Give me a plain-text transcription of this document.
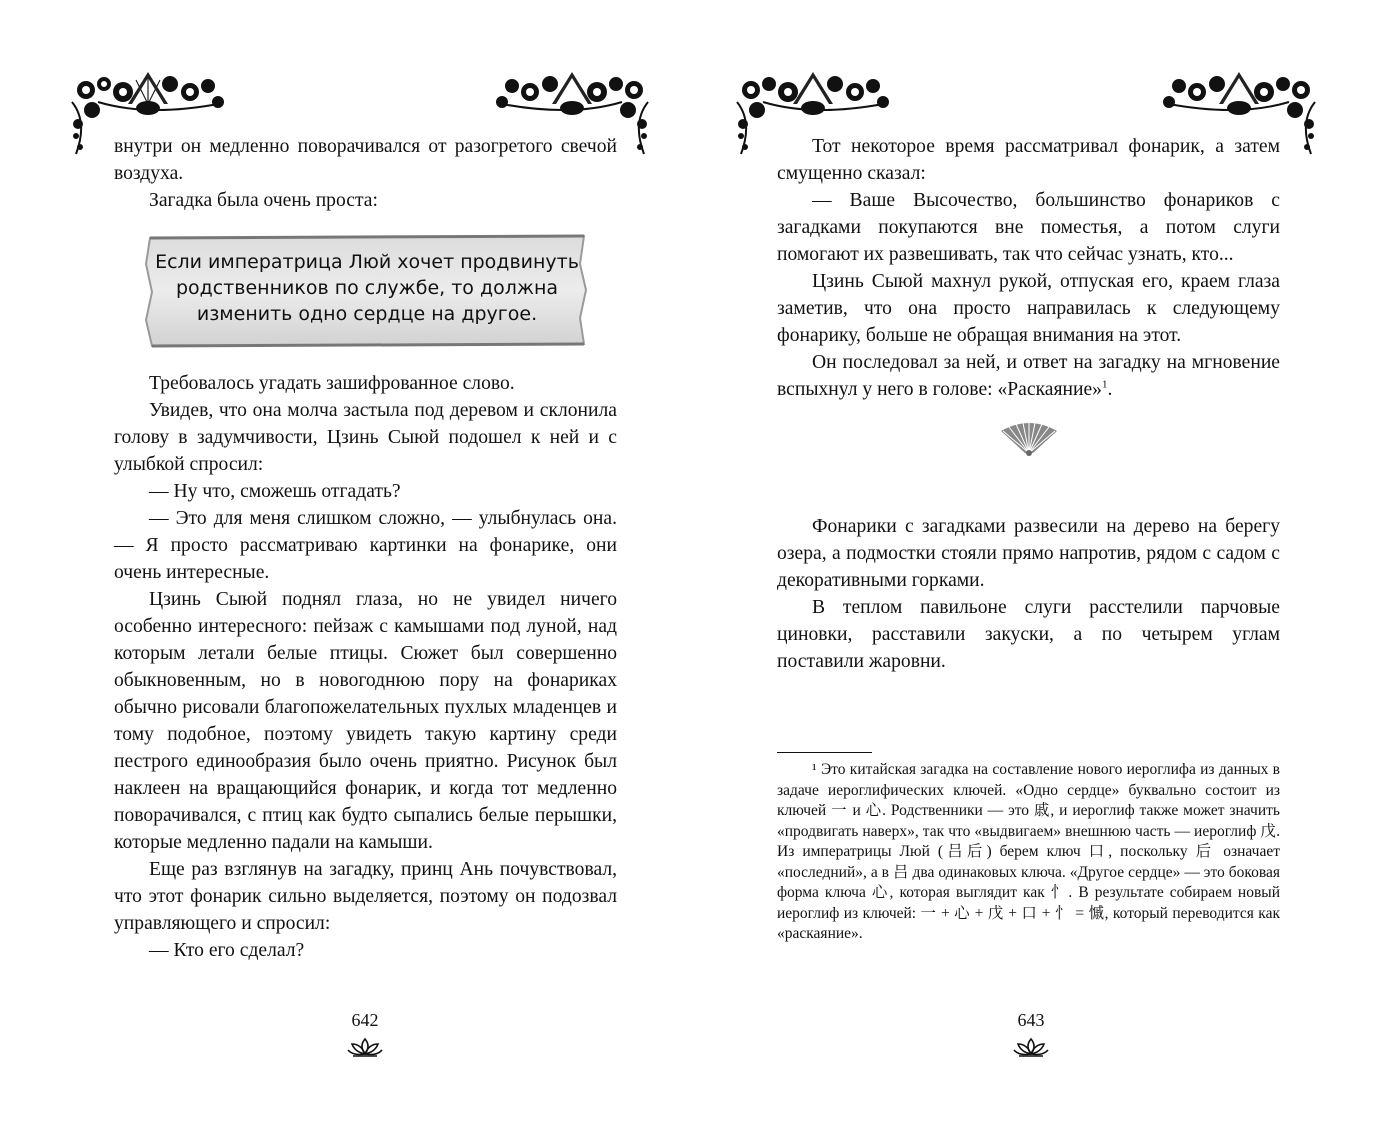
внутри он медленно поворачивался от разогретого свечой воздуха.

Загадка была очень проста:

Если императрица Люй хочет продвинуть
родственников по службе, то должна
изменить одно сердце на другое.

Требовалось угадать зашифрованное слово.

Увидев, что она молча застыла под деревом и склонила голову в задумчивости, Цзинь Сыюй подошел к ней и с улыбкой спросил:

— Ну что, сможешь отгадать?

— Это для меня слишком сложно, — улыбнулась она. — Я просто рассматриваю картинки на фонарике, они очень интересные.

Цзинь Сыюй поднял глаза, но не увидел ничего особенно интересного: пейзаж с камышами под луной, над которым летали белые птицы. Сюжет был совершенно обыкновенным, но в новогоднюю пору на фонариках обычно рисовали благопожелательных пухлых младенцев и тому подобное, поэтому увидеть такую картину среди пестрого единообразия было очень приятно. Рисунок был наклеен на вращающийся фонарик, и когда тот медленно поворачивался, с птиц как будто сыпались белые перышки, которые медленно падали на камыши.

Еще раз взглянув на загадку, принц Ань почувствовал, что этот фонарик сильно выделяется, поэтому он подозвал управляющего и спросил:

— Кто его сделал?

642

Тот некоторое время рассматривал фонарик, а затем смущенно сказал:

— Ваше Высочество, большинство фонариков с загадками покупаются вне поместья, а потом слуги помогают их развешивать, так что сейчас узнать, кто...

Цзинь Сыюй махнул рукой, отпуская его, краем глаза заметив, что она просто направилась к следующему фонарику, больше не обращая внимания на этот.

Он последовал за ней, и ответ на загадку на мгновение вспыхнул у него в голове: «Раскаяние»$^1$.

Фонарики с загадками развесили на дерево на берегу озера, а подмостки стояли прямо напротив, рядом с садом с декоративными горками.

В теплом павильоне слуги расстелили парчовые циновки, расставили закуски, а по четырем углам поставили жаровни.

¹ Это китайская загадка на составление нового иероглифа из данных в задаче иероглифических ключей. «Одно сердце» буквально состоит из ключей 一 и 心. Родственники — это 戚, и иероглиф также может значить «продвигать наверх», так что «выдвигаем» внешнюю часть — иероглиф 戊. Из императрицы Люй (吕后) берем ключ 口, поскольку 后 означает «последний», а в 吕 два одинаковых ключа. «Другое сердце» — это боковая форма ключа 心, которая выглядит как 忄. В результате собираем новый иероглиф из ключей: 一 + 心 + 戊 + 口 + 忄 = 慽, который переводится как «раскаяние».

643
